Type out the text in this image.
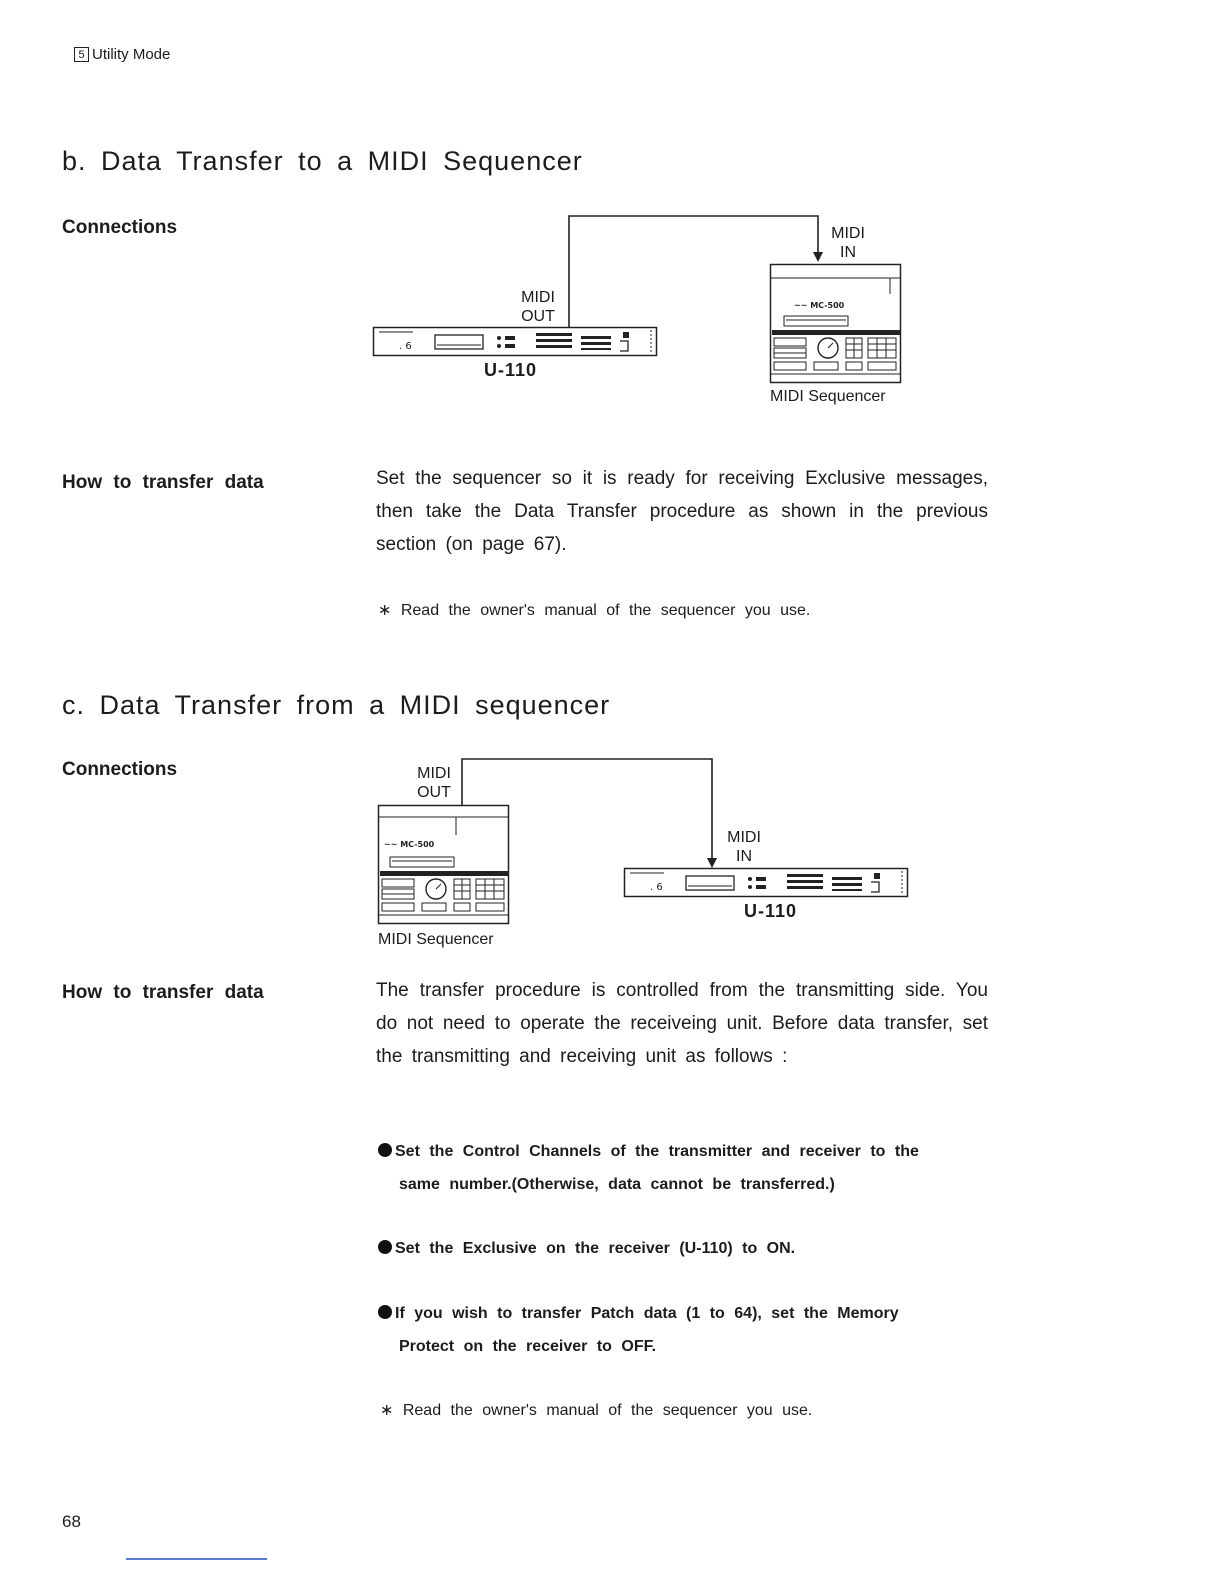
5 Utility Mode
b. Data Transfer to a MIDI Sequencer
Connections
MIDI
OUT
MIDI
IN
. 6
U-110
~~ MC-500
MIDI Sequencer
How to transfer data	Set the sequencer so it is ready for receiving Exclusive messages, then take the Data Transfer procedure as shown in the previous section (on page 67).
∗ Read the owner's manual of the sequencer you use.
c. Data Transfer from a MIDI sequencer
Connections	MIDI
OUT
MIDI
IN
~~ MC-500
MIDI Sequencer
. 6
U-110
How to transfer data	The transfer procedure is controlled from the transmitting side. You do not need to operate the receiveing unit. Before data transfer, set the transmitting and receiving unit as follows :
Set the Control Channels of the transmitter and receiver to the
same number.(Otherwise, data cannot be transferred.)
Set the Exclusive on the receiver (U-110) to ON.
If you wish to transfer Patch data (1 to 64), set the Memory
Protect on the receiver to OFF.
∗ Read the owner's manual of the sequencer you use.
68
